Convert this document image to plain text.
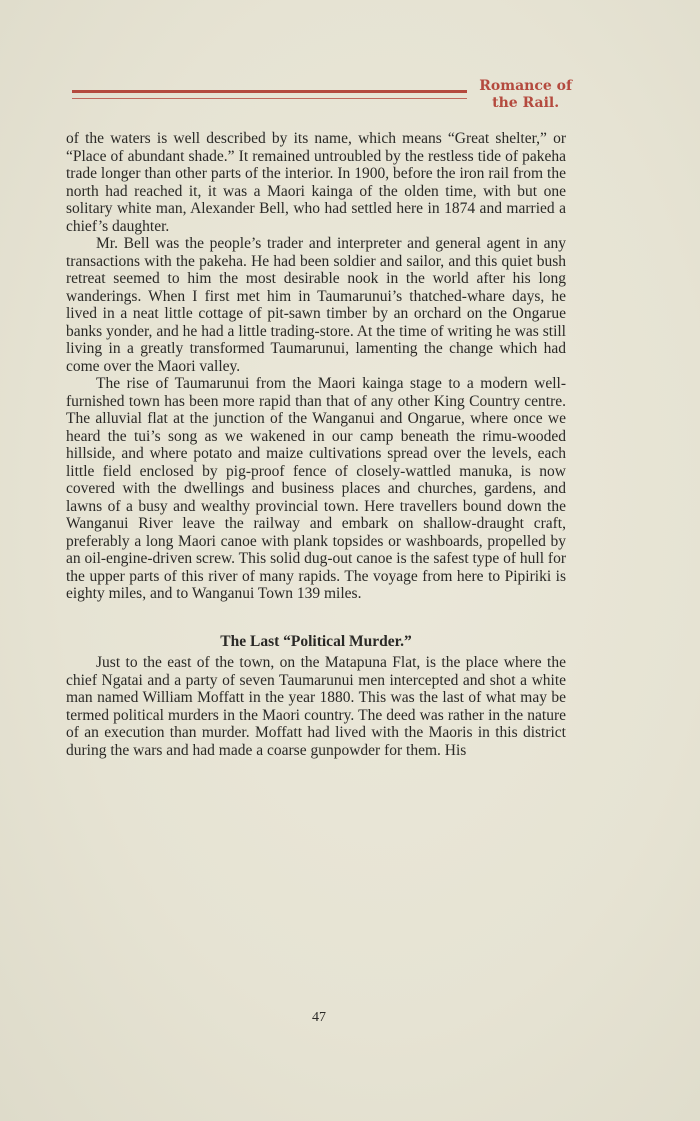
Romance of
the Rail.

of the waters is well described by its name, which means “Great shelter,” or “Place of abundant shade.” It remained untroubled by the restless tide of pakeha trade longer than other parts of the interior. In 1900, before the iron rail from the north had reached it, it was a Maori kainga of the olden time, with but one solitary white man, Alexander Bell, who had settled here in 1874 and married a chief’s daughter.

Mr. Bell was the people’s trader and interpreter and general agent in any transactions with the pakeha. He had been soldier and sailor, and this quiet bush retreat seemed to him the most desirable nook in the world after his long wanderings. When I first met him in Taumarunui’s thatched-whare days, he lived in a neat little cottage of pit-sawn timber by an orchard on the Ongarue banks yonder, and he had a little trading-store. At the time of writing he was still living in a greatly transformed Taumarunui, lamenting the change which had come over the Maori valley.

The rise of Taumarunui from the Maori kainga stage to a modern well-furnished town has been more rapid than that of any other King Country centre. The alluvial flat at the junction of the Wanganui and Ongarue, where once we heard the tui’s song as we wakened in our camp beneath the rimu-wooded hillside, and where potato and maize cultivations spread over the levels, each little field enclosed by pig-proof fence of closely-wattled manuka, is now covered with the dwellings and business places and churches, gardens, and lawns of a busy and wealthy provincial town. Here travellers bound down the Wanganui River leave the railway and embark on shallow-draught craft, preferably a long Maori canoe with plank topsides or washboards, propelled by an oil-engine-driven screw. This solid dug-out canoe is the safest type of hull for the upper parts of this river of many rapids. The voyage from here to Pipiriki is eighty miles, and to Wanganui Town 139 miles.

The Last “Political Murder.”

Just to the east of the town, on the Matapuna Flat, is the place where the chief Ngatai and a party of seven Taumarunui men intercepted and shot a white man named William Moffatt in the year 1880. This was the last of what may be termed political murders in the Maori country. The deed was rather in the nature of an execution than murder. Moffatt had lived with the Maoris in this district during the wars and had made a coarse gunpowder for them. His

47
